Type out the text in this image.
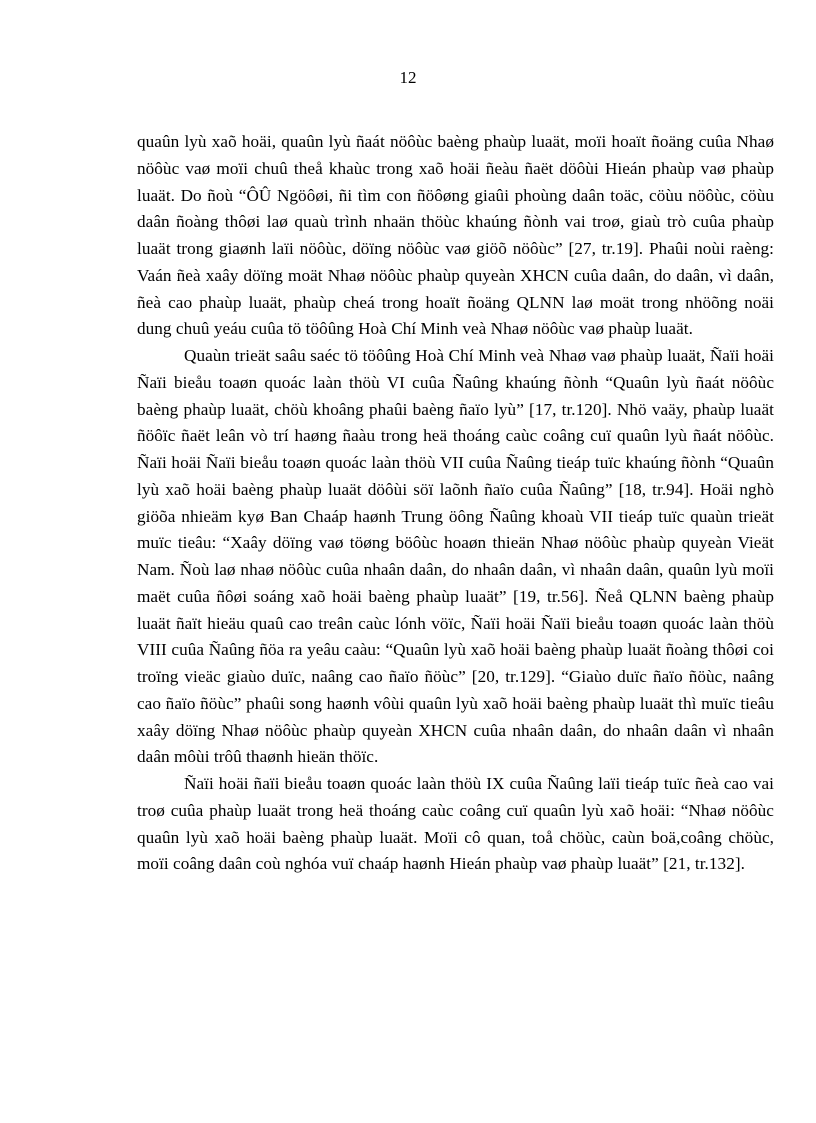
12

quaûn lyù xaõ hoäi, quaûn lyù ñaát nöôùc baèng phaùp luaät, moïi hoaït ñoäng cuûa Nhaø nöôùc vaø moïi chuû theå khaùc trong xaõ hoäi ñeàu ñaët döôùi Hieán phaùp vaø phaùp luaät. Do ñoù “ÔÛ Ngöôøi, ñi tìm con ñöôøng giaûi phoùng daân toäc, cöùu nöôùc, cöùu daân ñoàng thôøi laø quaù trình nhaän thöùc khaúng ñònh vai troø, giaù trò cuûa phaùp luaät trong giaønh laïi nöôùc, döïng nöôùc vaø giöõ nöôùc” [27, tr.19]. Phaûi noùi raèng: Vaán ñeà xaây döïng moät Nhaø nöôùc phaùp quyeàn XHCN cuûa daân, do daân, vì daân, ñeà cao phaùp luaät, phaùp cheá trong hoaït ñoäng QLNN laø moät trong nhöõng noäi dung chuû yeáu cuûa tö töôûng Hoà Chí Minh veà Nhaø nöôùc vaø phaùp luaät.

Quaùn trieät saâu saéc tö töôûng Hoà Chí Minh veà Nhaø vaø phaùp luaät, Ñaïi hoäi Ñaïi bieåu toaøn quoác laàn thöù VI cuûa Ñaûng khaúng ñònh “Quaûn lyù ñaát nöôùc baèng phaùp luaät, chöù khoâng phaûi baèng ñaïo lyù” [17, tr.120]. Nhö vaäy, phaùp luaät ñöôïc ñaët leân vò trí haøng ñaàu trong heä thoáng caùc coâng cuï quaûn lyù ñaát nöôùc. Ñaïi hoäi Ñaïi bieåu toaøn quoác laàn thöù VII cuûa Ñaûng tieáp tuïc khaúng ñònh “Quaûn lyù xaõ hoäi baèng phaùp luaät döôùi söï laõnh ñaïo cuûa Ñaûng” [18, tr.94]. Hoäi nghò giöõa nhieäm kyø Ban Chaáp haønh Trung öông Ñaûng khoaù VII tieáp tuïc quaùn trieät muïc tieâu: “Xaây döïng vaø töøng böôùc hoaøn thieän Nhaø nöôùc phaùp quyeàn Vieät Nam. Ñoù laø nhaø nöôùc cuûa nhaân daân, do nhaân daân, vì nhaân daân, quaûn lyù moïi maët cuûa ñôøi soáng xaõ hoäi baèng phaùp luaät” [19, tr.56]. Ñeå QLNN baèng phaùp luaät ñaït hieäu quaû cao treân caùc lónh vöïc, Ñaïi hoäi Ñaïi bieåu toaøn quoác laàn thöù VIII cuûa Ñaûng ñöa ra yeâu caàu: “Quaûn lyù xaõ hoäi baèng phaùp luaät ñoàng thôøi coi troïng vieäc giaùo duïc, naâng cao ñaïo ñöùc” [20, tr.129]. “Giaùo duïc ñaïo ñöùc, naâng cao ñaïo ñöùc” phaûi song haønh vôùi quaûn lyù xaõ hoäi baèng phaùp luaät thì muïc tieâu xaây döïng Nhaø nöôùc phaùp quyeàn XHCN cuûa nhaân daân, do nhaân daân vì nhaân daân môùi trôû thaønh hieän thöïc.

Ñaïi hoäi ñaïi bieåu toaøn quoác laàn thöù IX cuûa Ñaûng laïi tieáp tuïc ñeà cao vai troø cuûa phaùp luaät trong heä thoáng caùc coâng cuï quaûn lyù xaõ hoäi: “Nhaø nöôùc quaûn lyù xaõ hoäi baèng phaùp luaät. Moïi cô quan, toå chöùc, caùn boä,coâng chöùc, moïi coâng daân coù nghóa vuï chaáp haønh Hieán phaùp vaø phaùp luaät” [21, tr.132].
